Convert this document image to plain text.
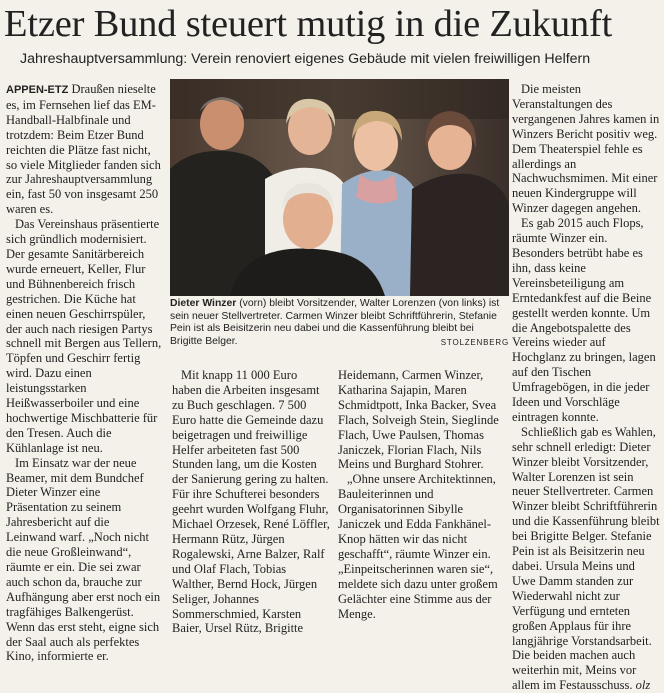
Etzer Bund steuert mutig in die Zukunft
Jahreshauptversammlung: Verein renoviert eigenes Gebäude mit vielen freiwilligen Helfern

APPEN-ETZ Draußen nieselte es, im Fernsehen lief das EM-Handball-Halbfinale und trotzdem: Beim Etzer Bund reichten die Plätze fast nicht, so viele Mitglieder fanden sich zur Jahreshauptversammlung ein, fast 50 von insgesamt 250 waren es.

Das Vereinshaus präsentierte sich gründlich modernisiert. Der gesamte Sanitärbereich wurde erneuert, Keller, Flur und Bühnenbereich frisch gestrichen. Die Küche hat einen neuen Geschirrspüler, der auch nach riesigen Partys schnell mit Bergen aus Tellern, Töpfen und Geschirr fertig wird. Dazu einen leistungsstarken Heißwasserboiler und eine hochwertige Mischbatterie für den Tresen. Auch die Kühlanlage ist neu.

Im Einsatz war der neue Beamer, mit dem Bundchef Dieter Winzer eine Präsentation zu seinem Jahresbericht auf die Leinwand warf. „Noch nicht die neue Großleinwand“, räumte er ein. Die sei zwar auch schon da, brauche zur Aufhängung aber erst noch ein tragfähiges Balkengerüst. Wenn das erst steht, eigne sich der Saal auch als perfektes Kino, informierte er.

Dieter Winzer (vorn) bleibt Vorsitzender, Walter Lorenzen (von links) ist sein neuer Stellvertreter. Carmen Winzer bleibt Schriftführerin, Stefanie Pein ist als Beisitzerin neu dabei und die Kassenführung bleibt bei Brigitte Belger.	STOLZENBERG

Mit knapp 11 000 Euro haben die Arbeiten insgesamt zu Buch geschlagen. 7 500 Euro hatte die Gemeinde dazu beigetragen und freiwillige Helfer arbeiteten fast 500 Stunden lang, um die Kosten der Sanierung gering zu halten. Für ihre Schufterei besonders geehrt wurden Wolfgang Fluhr, Michael Orzesek, René Löffler, Hermann Rütz, Jürgen Rogalewski, Arne Balzer, Ralf und Olaf Flach, Tobias Walther, Bernd Hock, Jürgen Seliger, Johannes Sommerschmied, Karsten Baier, Ursel Rütz, Brigitte

Heidemann, Carmen Winzer, Katharina Sajapin, Maren Schmidtpott, Inka Backer, Svea Flach, Solveigh Stein, Sieglinde Flach, Uwe Paulsen, Thomas Janiczek, Florian Flach, Nils Meins und Burghard Stohrer.

„Ohne unsere Architektinnen, Bauleiterinnen und Organisatorinnen Sibylle Janiczek und Edda Fankhänel-Knop hätten wir das nicht geschafft“, räumte Winzer ein. „Einpeitscherinnen waren sie“, meldete sich dazu unter großem Gelächter eine Stimme aus der Menge.

Die meisten Veranstaltungen des vergangenen Jahres kamen in Winzers Bericht positiv weg. Dem Theaterspiel fehle es allerdings an Nachwuchsmimen. Mit einer neuen Kindergruppe will Winzer dagegen angehen.

Es gab 2015 auch Flops, räumte Winzer ein. Besonders betrübt habe es ihn, dass keine Vereinsbeteiligung am Erntedankfest auf die Beine gestellt werden konnte. Um die Angebotspalette des Vereins wieder auf Hochglanz zu bringen, lagen auf den Tischen Umfragebögen, in die jeder Ideen und Vorschläge eintragen konnte.

Schließlich gab es Wahlen, sehr schnell erledigt: Dieter Winzer bleibt Vorsitzender, Walter Lorenzen ist sein neuer Stellvertreter. Carmen Winzer bleibt Schriftführerin und die Kassenführung bleibt bei Brigitte Belger. Stefanie Pein ist als Beisitzerin neu dabei. Ursula Meins und Uwe Damm standen zur Wiederwahl nicht zur Verfügung und ernteten großen Applaus für ihre langjährige Vorstandsarbeit. Die beiden machen auch weiterhin mit, Meins vor allem im Festausschuss. olz
